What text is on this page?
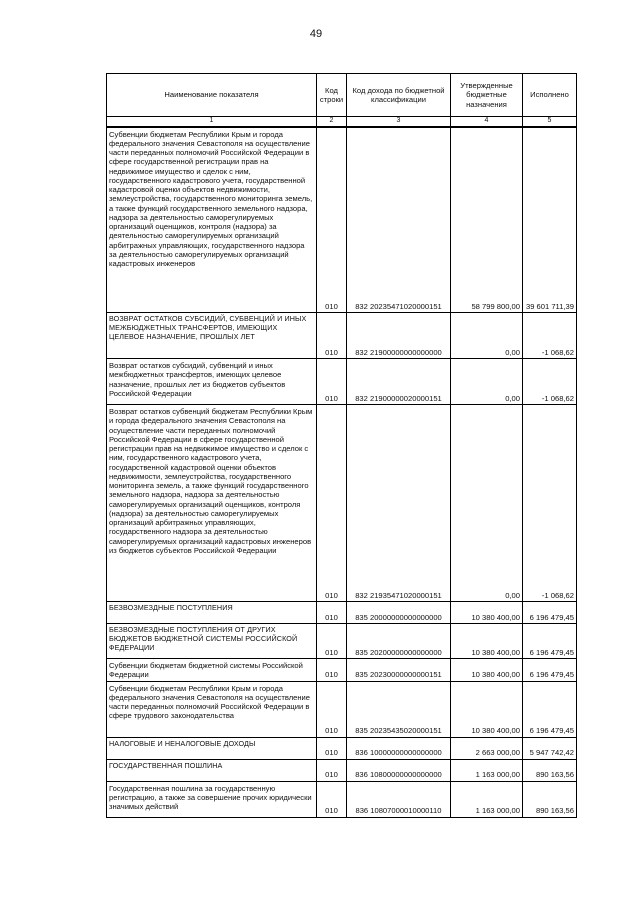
49
Наименование показателя	Код строки	Код дохода по бюджетной классификации	Утвержденные бюджетные назначения	Исполнено
1	2	3	4	5
Субвенции бюджетам Республики Крым и города федерального значения Севастополя на осуществление части переданных полномочий Российской Федерации в сфере государственной регистрации прав на недвижимое имущество и сделок с ним, государственного кадастрового учета, государственной кадастровой оценки объектов недвижимости, землеустройства, государственного мониторинга земель, а также функций государственного земельного надзора, надзора за деятельностью саморегулируемых организаций оценщиков, контроля (надзора) за деятельностью саморегулируемых организаций арбитражных управляющих, государственного надзора за деятельностью саморегулируемых организаций кадастровых инженеров	010	832 20235471020000151	58 799 800,00	39 601 711,39
ВОЗВРАТ ОСТАТКОВ СУБСИДИЙ, СУБВЕНЦИЙ И ИНЫХ МЕЖБЮДЖЕТНЫХ ТРАНСФЕРТОВ, ИМЕЮЩИХ ЦЕЛЕВОЕ НАЗНАЧЕНИЕ, ПРОШЛЫХ ЛЕТ	010	832 21900000000000000	0,00	-1 068,62
Возврат остатков субсидий, субвенций и иных межбюджетных трансфертов, имеющих целевое назначение, прошлых лет из бюджетов субъектов Российской Федерации	010	832 21900000020000151	0,00	-1 068,62
Возврат остатков субвенций бюджетам Республики Крым и города федерального значения Севастополя на осуществление части переданных полномочий Российской Федерации в сфере государственной регистрации прав на недвижимое имущество и сделок с ним, государственного кадастрового учета, государственной кадастровой оценки объектов недвижимости, землеустройства, государственного мониторинга земель, а также функций государственного земельного надзора, надзора за деятельностью саморегулируемых организаций оценщиков, контроля (надзора) за деятельностью саморегулируемых организаций арбитражных управляющих, государственного надзора за деятельностью саморегулируемых организаций кадастровых инженеров из бюджетов субъектов Российской Федерации	010	832 21935471020000151	0,00	-1 068,62
БЕЗВОЗМЕЗДНЫЕ ПОСТУПЛЕНИЯ	010	835 20000000000000000	10 380 400,00	6 196 479,45
БЕЗВОЗМЕЗДНЫЕ ПОСТУПЛЕНИЯ ОТ ДРУГИХ БЮДЖЕТОВ БЮДЖЕТНОЙ СИСТЕМЫ РОССИЙСКОЙ ФЕДЕРАЦИИ	010	835 20200000000000000	10 380 400,00	6 196 479,45
Субвенции бюджетам бюджетной системы Российской Федерации	010	835 20230000000000151	10 380 400,00	6 196 479,45
Субвенции бюджетам Республики Крым и города федерального значения Севастополя на осуществление части переданных полномочий Российской Федерации в сфере трудового законодательства	010	835 20235435020000151	10 380 400,00	6 196 479,45
НАЛОГОВЫЕ И НЕНАЛОГОВЫЕ ДОХОДЫ	010	836 10000000000000000	2 663 000,00	5 947 742,42
ГОСУДАРСТВЕННАЯ ПОШЛИНА	010	836 10800000000000000	1 163 000,00	890 163,56
Государственная пошлина за государственную регистрацию, а также за совершение прочих юридически значимых действий	010	836 10807000010000110	1 163 000,00	890 163,56
